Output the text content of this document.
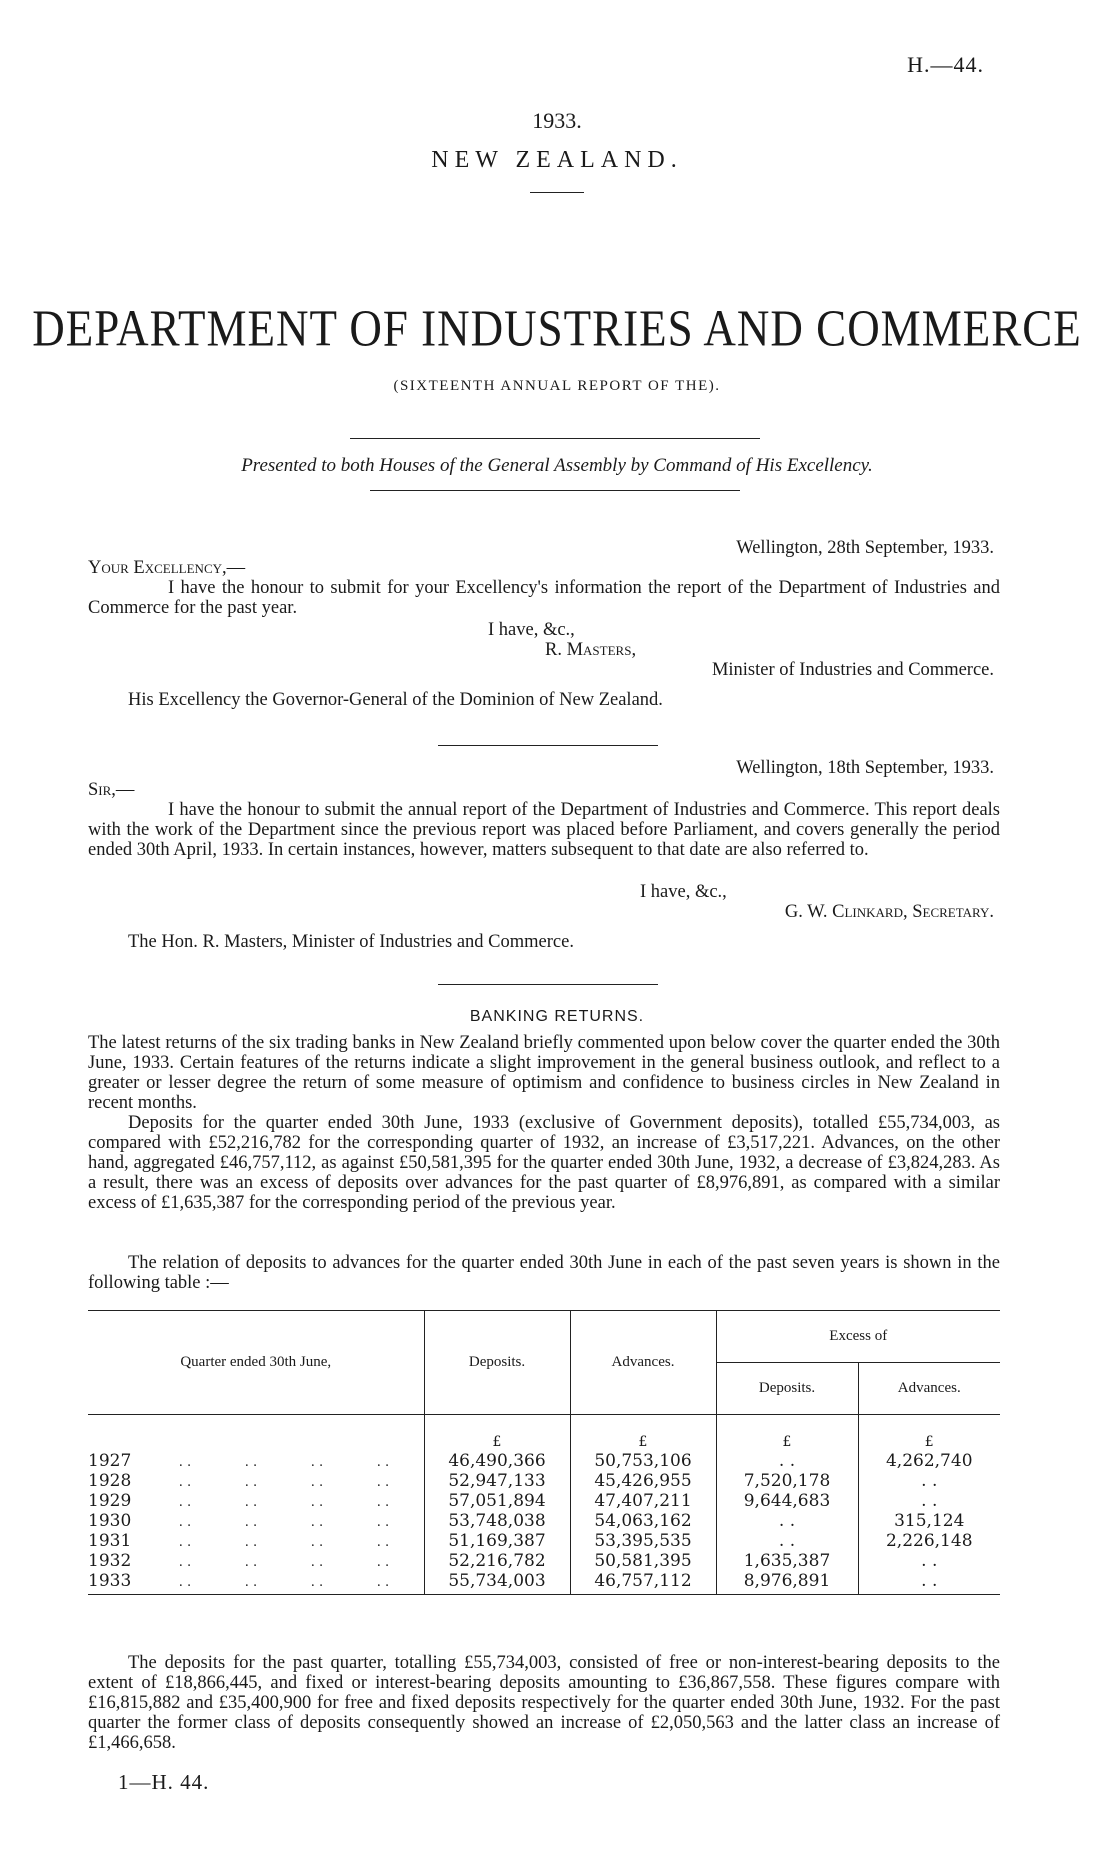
H.—44.
1933.
NEW ZEALAND.
DEPARTMENT OF INDUSTRIES AND COMMERCE
(SIXTEENTH ANNUAL REPORT OF THE).
Presented to both Houses of the General Assembly by Command of His Excellency.
Wellington, 28th September, 1933.
Your Excellency,—
I have the honour to submit for your Excellency's information the report of the Department of Industries and Commerce for the past year.
I have, &c.,
R. Masters,
Minister of Industries and Commerce.
His Excellency the Governor-General of the Dominion of New Zealand.
Wellington, 18th September, 1933.
Sir,—
I have the honour to submit the annual report of the Department of Industries and Commerce. This report deals with the work of the Department since the previous report was placed before Parliament, and covers generally the period ended 30th April, 1933. In certain instances, however, matters subsequent to that date are also referred to.
I have, &c.,
G. W. Clinkard, Secretary.
The Hon. R. Masters, Minister of Industries and Commerce.
BANKING RETURNS.
The latest returns of the six trading banks in New Zealand briefly commented upon below cover the quarter ended the 30th June, 1933. Certain features of the returns indicate a slight improvement in the general business outlook, and reflect to a greater or lesser degree the return of some measure of optimism and confidence to business circles in New Zealand in recent months.
Deposits for the quarter ended 30th June, 1933 (exclusive of Government deposits), totalled £55,734,003, as compared with £52,216,782 for the corresponding quarter of 1932, an increase of £3,517,221. Advances, on the other hand, aggregated £46,757,112, as against £50,581,395 for the quarter ended 30th June, 1932, a decrease of £3,824,283. As a result, there was an excess of deposits over advances for the past quarter of £8,976,891, as compared with a similar excess of £1,635,387 for the corresponding period of the previous year.
The relation of deposits to advances for the quarter ended 30th June in each of the past seven years is shown in the following table :—
Quarter ended 30th June,	Deposits.	Advances.	Excess of	
			Deposits.	Advances.
	£	£	£	£
1927 . . . . . . . .	46,490,366	50,753,106	. .	4,262,740
1928 . . . . . . . .	52,947,133	45,426,955	7,520,178	. .
1929 . . . . . . . .	57,051,894	47,407,211	9,644,683	. .
1930 . . . . . . . .	53,748,038	54,063,162	. .	315,124
1931 . . . . . . . .	51,169,387	53,395,535	. .	2,226,148
1932 . . . . . . . .	52,216,782	50,581,395	1,635,387	. .
1933 . . . . . . . .	55,734,003	46,757,112	8,976,891	. .
The deposits for the past quarter, totalling £55,734,003, consisted of free or non-interest-bearing deposits to the extent of £18,866,445, and fixed or interest-bearing deposits amounting to £36,867,558. These figures compare with £16,815,882 and £35,400,900 for free and fixed deposits respectively for the quarter ended 30th June, 1932. For the past quarter the former class of deposits consequently showed an increase of £2,050,563 and the latter class an increase of £1,466,658.
1—H. 44.
